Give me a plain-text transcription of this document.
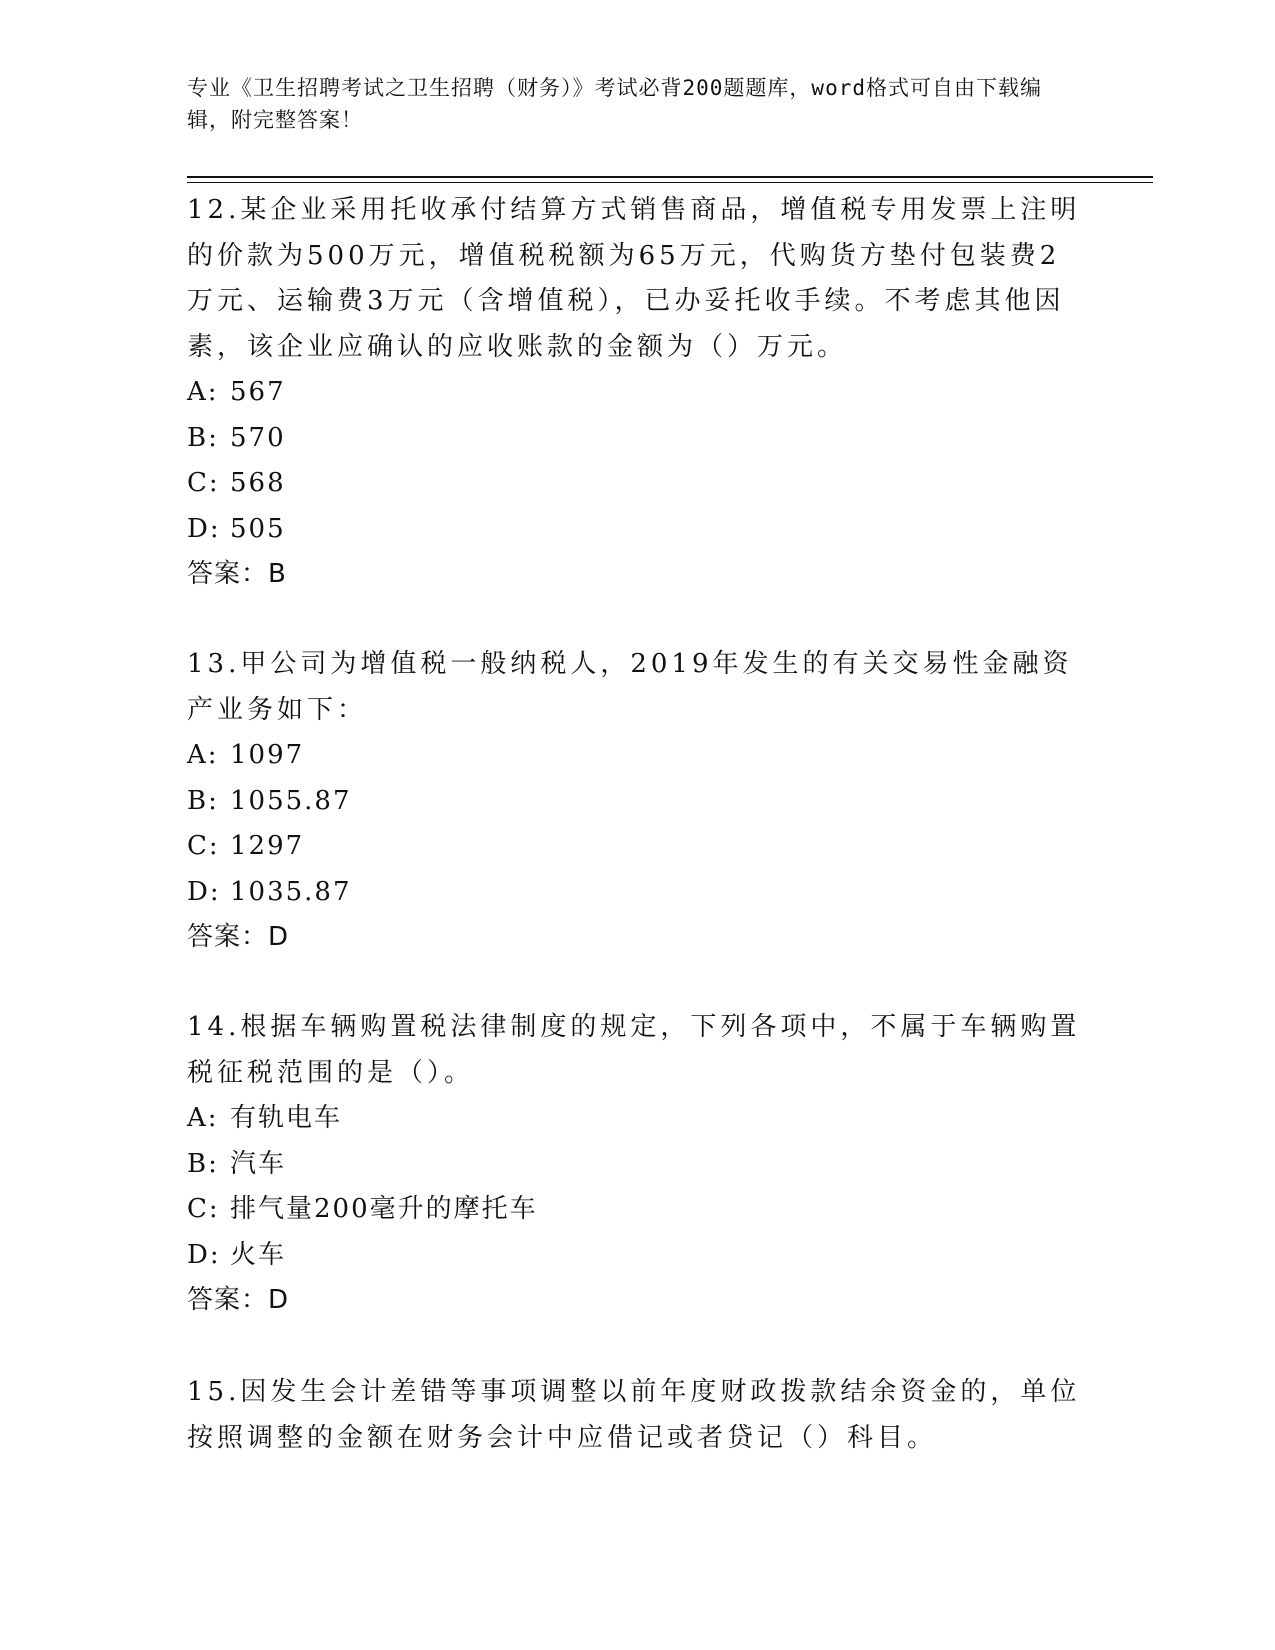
专业《卫生招聘考试之卫生招聘（财务）》考试必背200题题库，word格式可自由下载编辑，附完整答案！

12.某企业采用托收承付结算方式销售商品，增值税专用发票上注明的价款为500万元，增值税税额为65万元，代购货方垫付包装费2万元、运输费3万元（含增值税），已办妥托收手续。不考虑其他因素，该企业应确认的应收账款的金额为（）万元。

A: 567

B: 570

C: 568

D: 505

答案：B

13.甲公司为增值税一般纳税人，2019年发生的有关交易性金融资产业务如下：

A: 1097

B: 1055.87

C: 1297

D: 1035.87

答案：D

14.根据车辆购置税法律制度的规定，下列各项中，不属于车辆购置税征税范围的是（）。

A: 有轨电车

B: 汽车

C: 排气量200毫升的摩托车

D: 火车

答案：D

15.因发生会计差错等事项调整以前年度财政拨款结余资金的，单位按照调整的金额在财务会计中应借记或者贷记（）科目。
